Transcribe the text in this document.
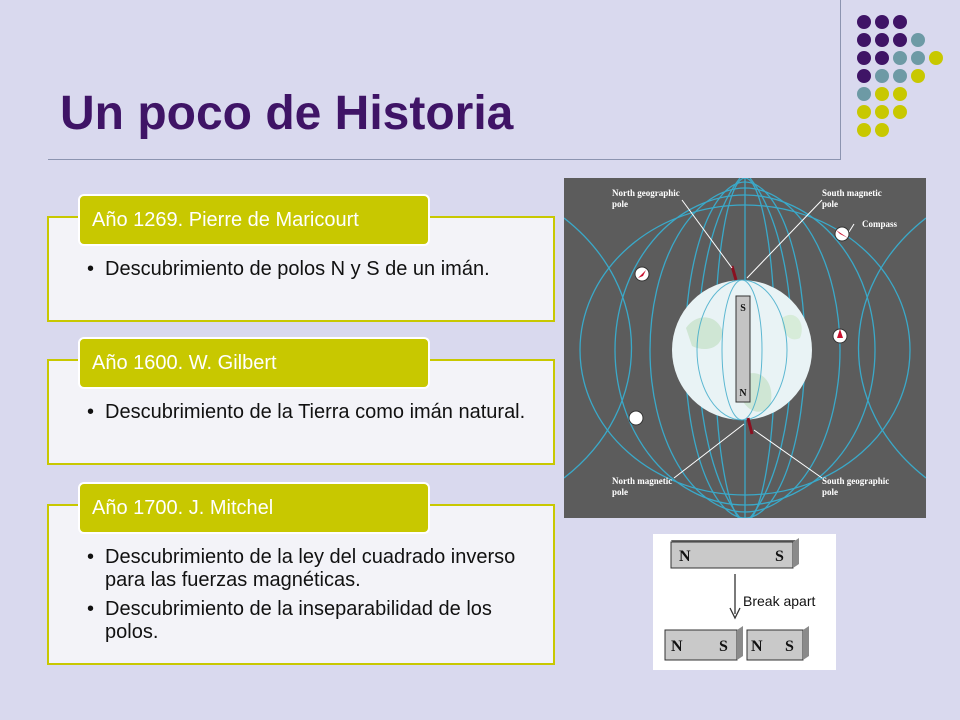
Un poco de Historia
• Descubrimiento de polos N y S de un imán.
Año 1269. Pierre de Maricourt
• Descubrimiento de la Tierra como imán natural.
Año 1600. W. Gilbert
• Descubrimiento de la ley del cuadrado inverso para las fuerzas magnéticas.
• Descubrimiento de la inseparabilidad de los polos.
Año 1700. J. Mitchel
S
N
North geographic
pole
South magnetic
pole
Compass
North magnetic
pole
South geographic
pole
N	S
Break apart
N S N S
